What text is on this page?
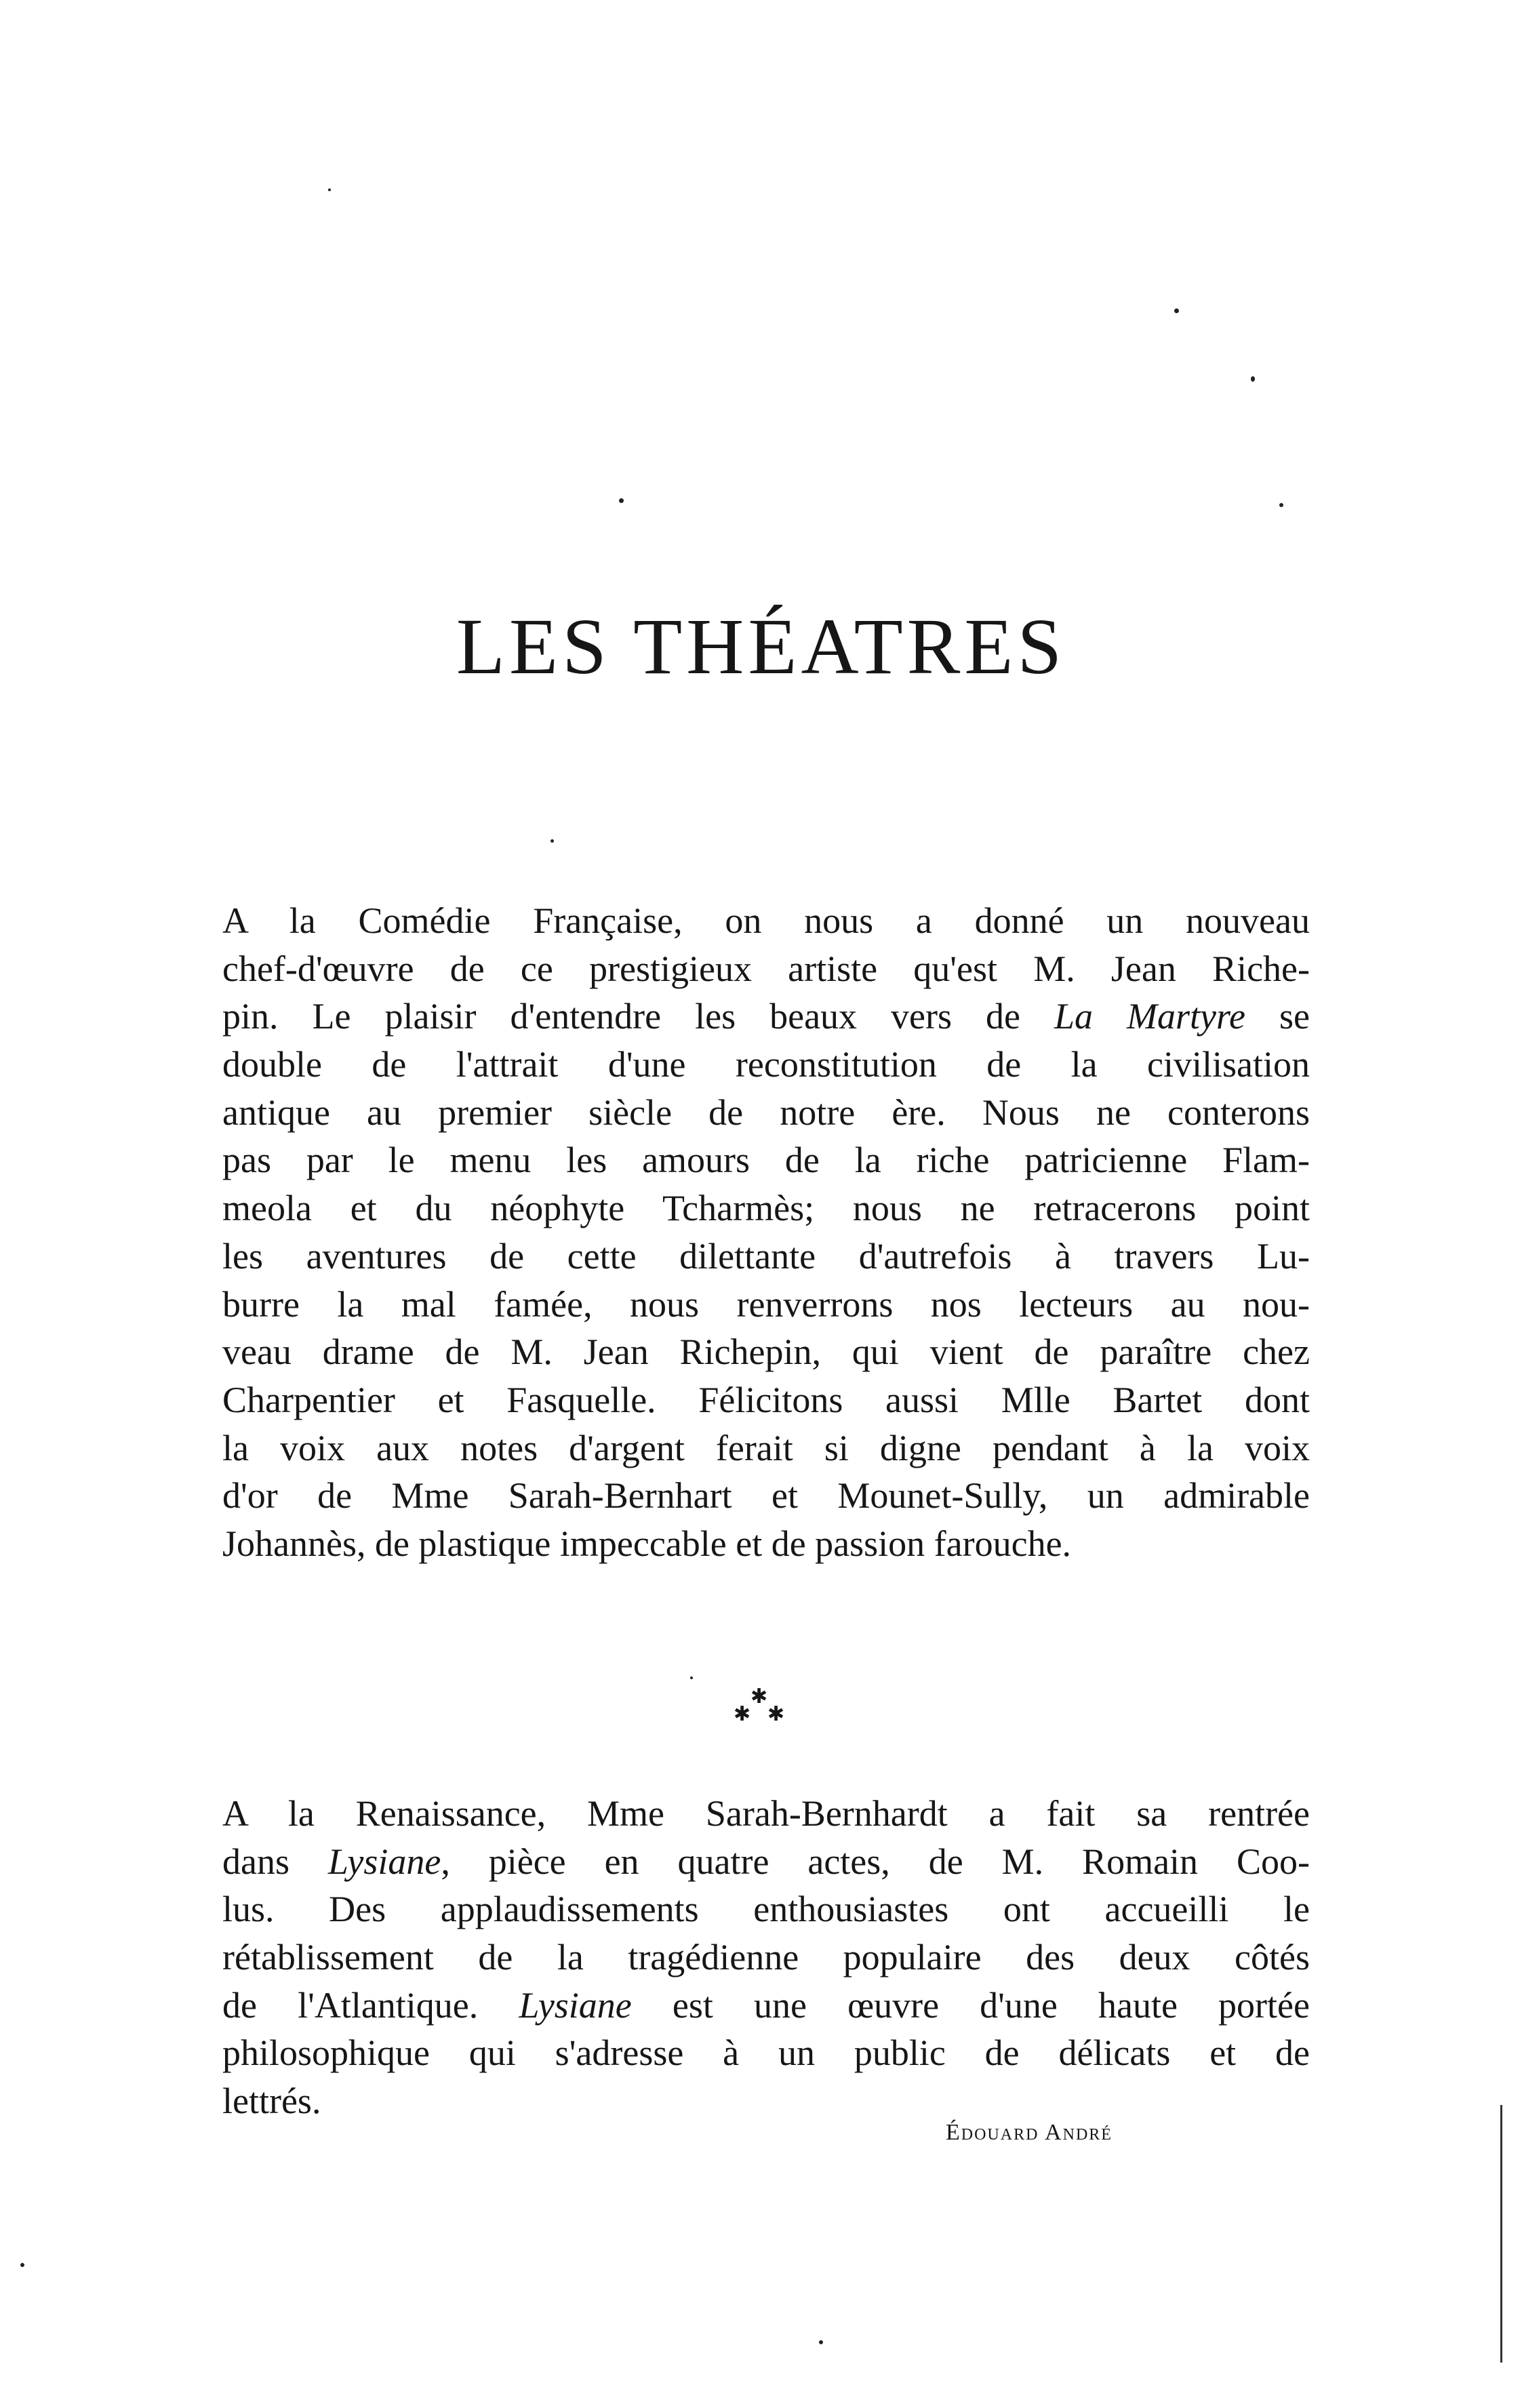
LES THÉATRES
A la Comédie Française, on nous a donné un nouveau
chef-d'œuvre de ce prestigieux artiste qu'est M. Jean Riche-
pin. Le plaisir d'entendre les beaux vers de La Martyre se
double de l'attrait d'une reconstitution de la civilisation
antique au premier siècle de notre ère. Nous ne conterons
pas par le menu les amours de la riche patricienne Flam-
meola et du néophyte Tcharmès; nous ne retracerons point
les aventures de cette dilettante d'autrefois à travers Lu-
burre la mal famée, nous renverrons nos lecteurs au nou-
veau drame de M. Jean Richepin, qui vient de paraître chez
Charpentier et Fasquelle. Félicitons aussi Mlle Bartet dont
la voix aux notes d'argent ferait si digne pendant à la voix
d'or de Mme Sarah-Bernhart et Mounet-Sully, un admirable
Johannès, de plastique impeccable et de passion farouche.
✱
✱ ✱
A la Renaissance, Mme Sarah-Bernhardt a fait sa rentrée
dans Lysiane, pièce en quatre actes, de M. Romain Coo-
lus. Des applaudissements enthousiastes ont accueilli le
rétablissement de la tragédienne populaire des deux côtés
de l'Atlantique. Lysiane est une œuvre d'une haute portée
philosophique qui s'adresse à un public de délicats et de
lettrés.
Édouard André
